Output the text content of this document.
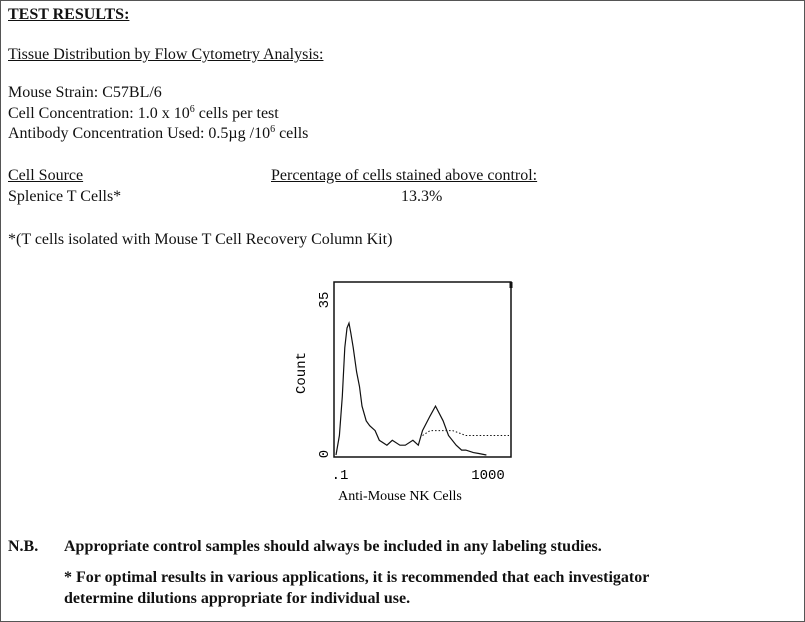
TEST RESULTS:
Tissue Distribution by Flow Cytometry Analysis:
Mouse Strain: C57BL/6
Cell Concentration: 1.0 x $10^6$ cells per test
Antibody Concentration Used: 0.5µg $/10^6$ cells
Cell Source	Percentage of cells stained above control:
Splenice T Cells*	13.3%
*(T cells isolated with Mouse T Cell Recovery Column Kit)
Count
35
0
.1	1000
Anti-Mouse NK Cells
N.B. Appropriate control samples should always be included in any labeling studies.
* For optimal results in various applications, it is recommended that each investigator
determine dilutions appropriate for individual use.
